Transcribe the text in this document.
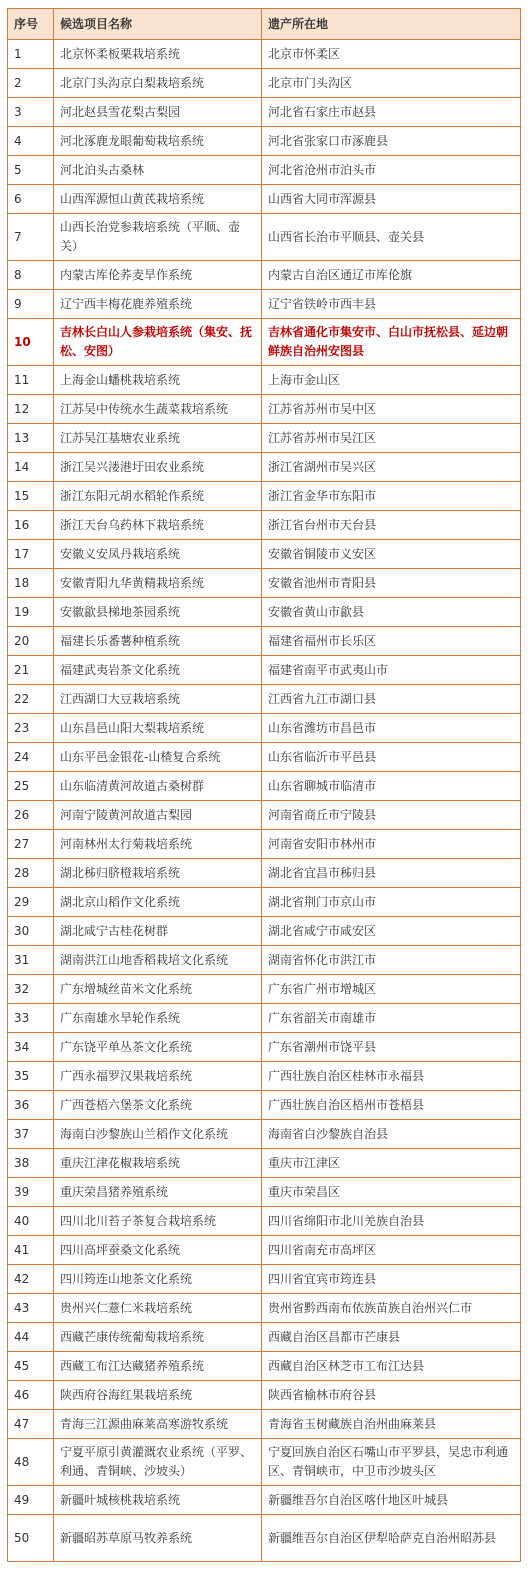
序号	候选项目名称	遗产所在地
1	北京怀柔板栗栽培系统	北京市怀柔区
2	北京门头沟京白梨栽培系统	北京市门头沟区
3	河北赵县雪花梨古梨园	河北省石家庄市赵县
4	河北涿鹿龙眼葡萄栽培系统	河北省张家口市涿鹿县
5	河北泊头古桑林	河北省沧州市泊头市
6	山西浑源恒山黄芪栽培系统	山西省大同市浑源县
7	山西长治党参栽培系统（平顺、壶关）	山西省长治市平顺县、壶关县
8	内蒙古库伦荞麦旱作系统	内蒙古自治区通辽市库伦旗
9	辽宁西丰梅花鹿养殖系统	辽宁省铁岭市西丰县
10	吉林长白山人参栽培系统（集安、抚松、安图）	吉林省通化市集安市、白山市抚松县、延边朝鲜族自治州安图县
11	上海金山蟠桃栽培系统	上海市金山区
12	江苏吴中传统水生蔬菜栽培系统	江苏省苏州市吴中区
13	江苏吴江基塘农业系统	江苏省苏州市吴江区
14	浙江吴兴溇港圩田农业系统	浙江省湖州市吴兴区
15	浙江东阳元胡水稻轮作系统	浙江省金华市东阳市
16	浙江天台乌药林下栽培系统	浙江省台州市天台县
17	安徽义安凤丹栽培系统	安徽省铜陵市义安区
18	安徽青阳九华黄精栽培系统	安徽省池州市青阳县
19	安徽歙县梯地茶园系统	安徽省黄山市歙县
20	福建长乐番薯种植系统	福建省福州市长乐区
21	福建武夷岩茶文化系统	福建省南平市武夷山市
22	江西湖口大豆栽培系统	江西省九江市湖口县
23	山东昌邑山阳大梨栽培系统	山东省潍坊市昌邑市
24	山东平邑金银花-山楂复合系统	山东省临沂市平邑县
25	山东临清黄河故道古桑树群	山东省聊城市临清市
26	河南宁陵黄河故道古梨园	河南省商丘市宁陵县
27	河南林州太行菊栽培系统	河南省安阳市林州市
28	湖北秭归脐橙栽培系统	湖北省宜昌市秭归县
29	湖北京山稻作文化系统	湖北省荆门市京山市
30	湖北咸宁古桂花树群	湖北省咸宁市咸安区
31	湖南洪江山地香稻栽培文化系统	湖南省怀化市洪江市
32	广东增城丝苗米文化系统	广东省广州市增城区
33	广东南雄水旱轮作系统	广东省韶关市南雄市
34	广东饶平单丛茶文化系统	广东省潮州市饶平县
35	广西永福罗汉果栽培系统	广西壮族自治区桂林市永福县
36	广西苍梧六堡茶文化系统	广西壮族自治区梧州市苍梧县
37	海南白沙黎族山兰稻作文化系统	海南省白沙黎族自治县
38	重庆江津花椒栽培系统	重庆市江津区
39	重庆荣昌猪养殖系统	重庆市荣昌区
40	四川北川苔子茶复合栽培系统	四川省绵阳市北川羌族自治县
41	四川高坪蚕桑文化系统	四川省南充市高坪区
42	四川筠连山地茶文化系统	四川省宜宾市筠连县
43	贵州兴仁薏仁米栽培系统	贵州省黔西南布依族苗族自治州兴仁市
44	西藏芒康传统葡萄栽培系统	西藏自治区昌都市芒康县
45	西藏工布江达藏猪养殖系统	西藏自治区林芝市工布江达县
46	陕西府谷海红果栽培系统	陕西省榆林市府谷县
47	青海三江源曲麻莱高寒游牧系统	青海省玉树藏族自治州曲麻莱县
48	宁夏平原引黄灌溉农业系统（平罗、利通、青铜峡、沙坡头）	宁夏回族自治区石嘴山市平罗县，吴忠市利通区、青铜峡市，中卫市沙坡头区
49	新疆叶城核桃栽培系统	新疆维吾尔自治区喀什地区叶城县
50	新疆昭苏草原马牧养系统	新疆维吾尔自治区伊犁哈萨克自治州昭苏县
